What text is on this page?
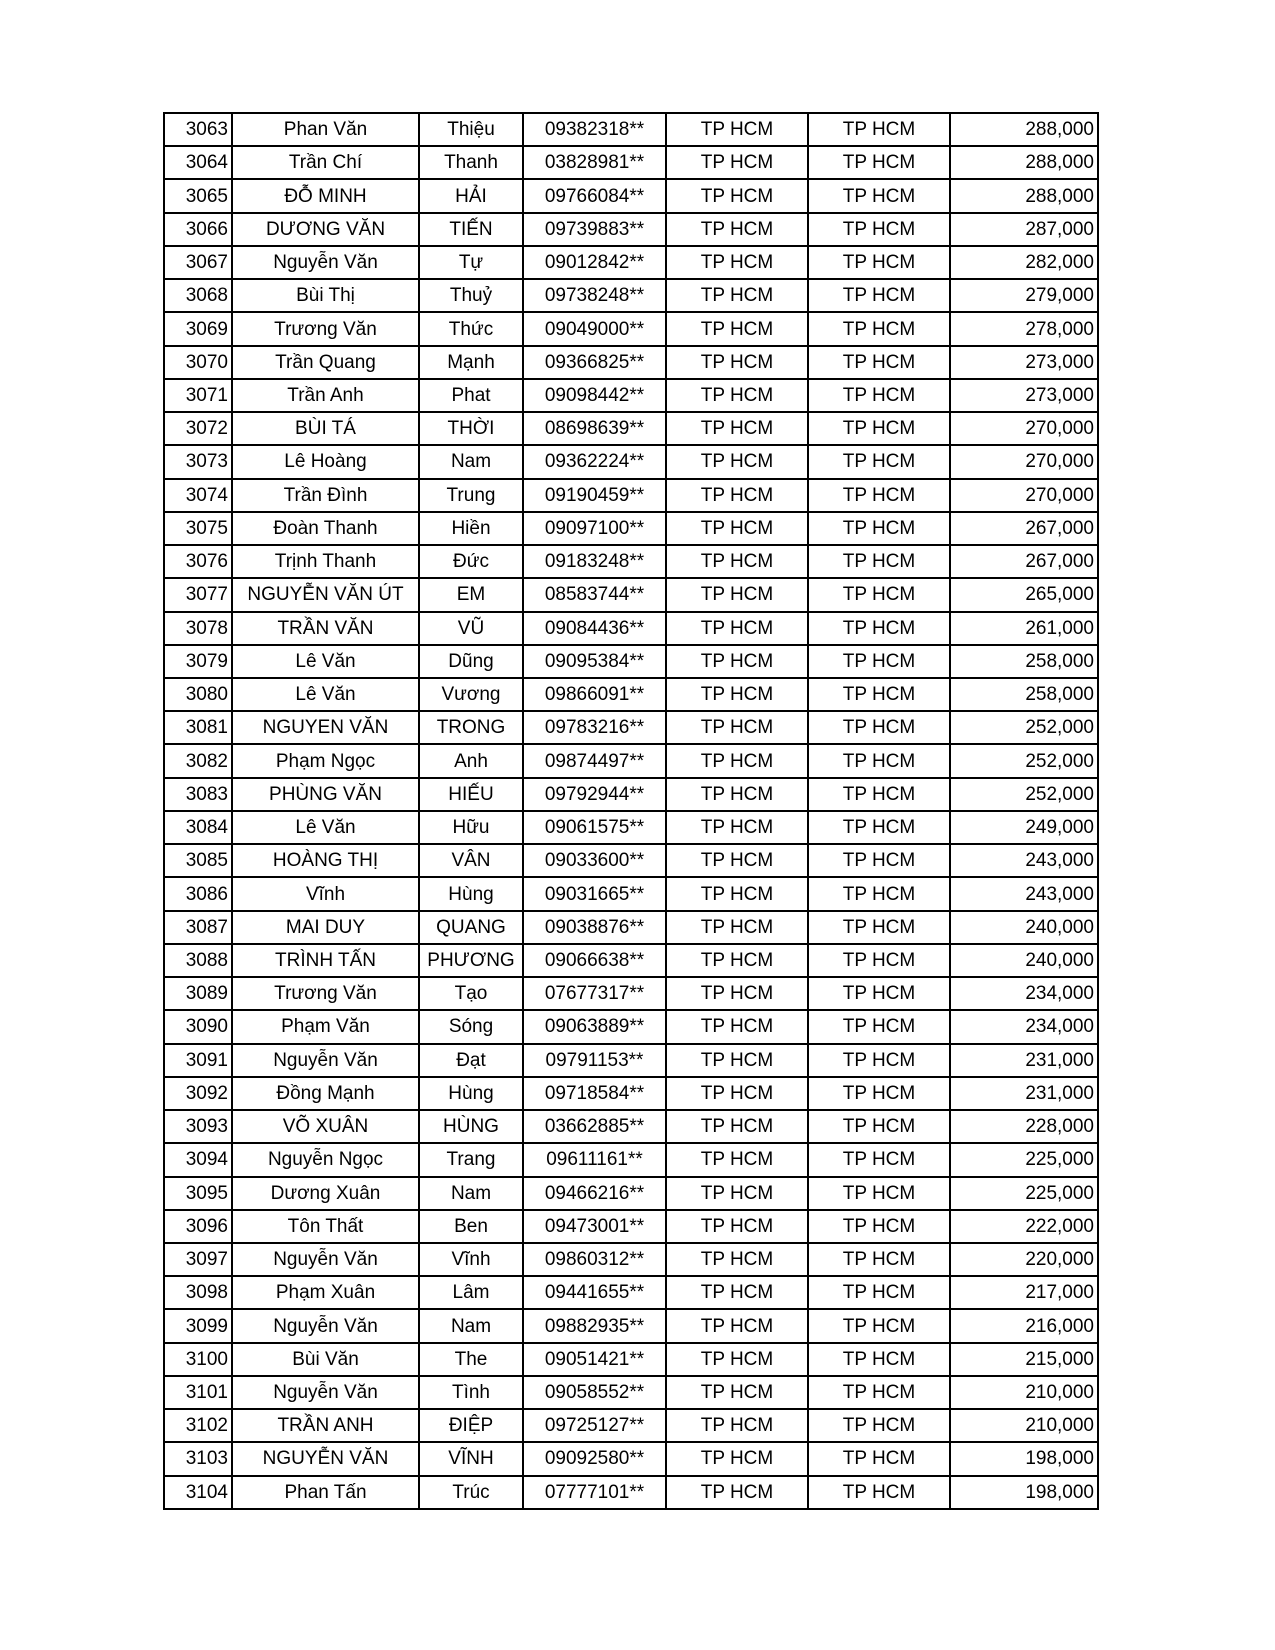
3063	Phan Văn	Thiệu	09382318**	TP HCM	TP HCM	288,000
3064	Trần Chí	Thanh	03828981**	TP HCM	TP HCM	288,000
3065	ĐỖ MINH	HẢI	09766084**	TP HCM	TP HCM	288,000
3066	DƯƠNG VĂN	TIẾN	09739883**	TP HCM	TP HCM	287,000
3067	Nguyễn Văn	Tự	09012842**	TP HCM	TP HCM	282,000
3068	Bùi Thị	Thuỷ	09738248**	TP HCM	TP HCM	279,000
3069	Trương Văn	Thức	09049000**	TP HCM	TP HCM	278,000
3070	Trần Quang	Mạnh	09366825**	TP HCM	TP HCM	273,000
3071	Trần Anh	Phat	09098442**	TP HCM	TP HCM	273,000
3072	BÙI TÁ	THỜI	08698639**	TP HCM	TP HCM	270,000
3073	Lê Hoàng	Nam	09362224**	TP HCM	TP HCM	270,000
3074	Trần Đình	Trung	09190459**	TP HCM	TP HCM	270,000
3075	Đoàn Thanh	Hiền	09097100**	TP HCM	TP HCM	267,000
3076	Trịnh Thanh	Đức	09183248**	TP HCM	TP HCM	267,000
3077	NGUYỄN VĂN ÚT	EM	08583744**	TP HCM	TP HCM	265,000
3078	TRẦN VĂN	VŨ	09084436**	TP HCM	TP HCM	261,000
3079	Lê Văn	Dũng	09095384**	TP HCM	TP HCM	258,000
3080	Lê Văn	Vương	09866091**	TP HCM	TP HCM	258,000
3081	NGUYEN VĂN	TRONG	09783216**	TP HCM	TP HCM	252,000
3082	Phạm Ngọc	Anh	09874497**	TP HCM	TP HCM	252,000
3083	PHÙNG VĂN	HIẾU	09792944**	TP HCM	TP HCM	252,000
3084	Lê Văn	Hữu	09061575**	TP HCM	TP HCM	249,000
3085	HOÀNG THỊ	VÂN	09033600**	TP HCM	TP HCM	243,000
3086	Vĩnh	Hùng	09031665**	TP HCM	TP HCM	243,000
3087	MAI DUY	QUANG	09038876**	TP HCM	TP HCM	240,000
3088	TRÌNH TẤN	PHƯƠNG	09066638**	TP HCM	TP HCM	240,000
3089	Trương Văn	Tạo	07677317**	TP HCM	TP HCM	234,000
3090	Phạm Văn	Sóng	09063889**	TP HCM	TP HCM	234,000
3091	Nguyễn Văn	Đạt	09791153**	TP HCM	TP HCM	231,000
3092	Đồng Mạnh	Hùng	09718584**	TP HCM	TP HCM	231,000
3093	VÕ XUÂN	HÙNG	03662885**	TP HCM	TP HCM	228,000
3094	Nguyễn Ngọc	Trang	09611161**	TP HCM	TP HCM	225,000
3095	Dương Xuân	Nam	09466216**	TP HCM	TP HCM	225,000
3096	Tôn Thất	Ben	09473001**	TP HCM	TP HCM	222,000
3097	Nguyễn Văn	Vĩnh	09860312**	TP HCM	TP HCM	220,000
3098	Phạm Xuân	Lâm	09441655**	TP HCM	TP HCM	217,000
3099	Nguyễn Văn	Nam	09882935**	TP HCM	TP HCM	216,000
3100	Bùi Văn	The	09051421**	TP HCM	TP HCM	215,000
3101	Nguyễn Văn	Tình	09058552**	TP HCM	TP HCM	210,000
3102	TRẦN ANH	ĐIỆP	09725127**	TP HCM	TP HCM	210,000
3103	NGUYỄN VĂN	VĨNH	09092580**	TP HCM	TP HCM	198,000
3104	Phan Tấn	Trúc	07777101**	TP HCM	TP HCM	198,000
